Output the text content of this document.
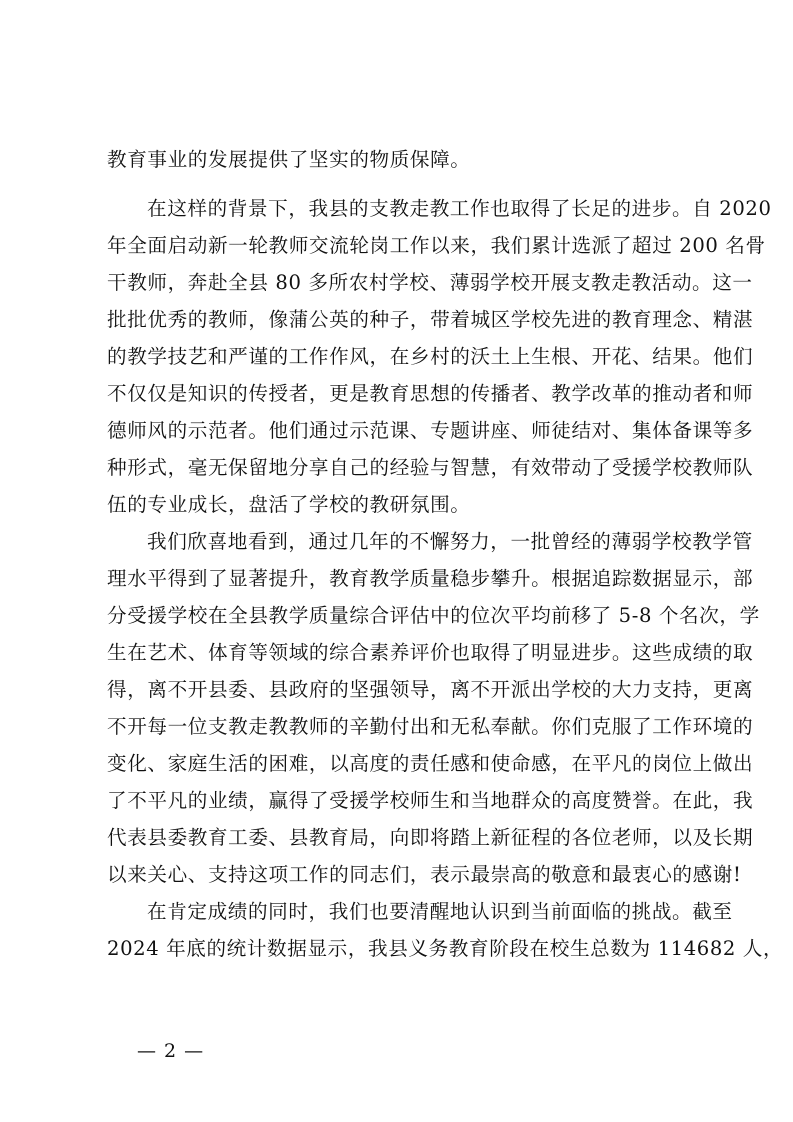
教育事业的发展提供了坚实的物质保障。
在这样的背景下，我县的支教走教工作也取得了长足的进步。自 2020
年全面启动新一轮教师交流轮岗工作以来，我们累计选派了超过 200 名骨
干教师，奔赴全县 80 多所农村学校、薄弱学校开展支教走教活动。这一
批批优秀的教师，像蒲公英的种子，带着城区学校先进的教育理念、精湛
的教学技艺和严谨的工作作风，在乡村的沃土上生根、开花、结果。他们
不仅仅是知识的传授者，更是教育思想的传播者、教学改革的推动者和师
德师风的示范者。他们通过示范课、专题讲座、师徒结对、集体备课等多
种形式，毫无保留地分享自己的经验与智慧，有效带动了受援学校教师队
伍的专业成长，盘活了学校的教研氛围。
我们欣喜地看到，通过几年的不懈努力，一批曾经的薄弱学校教学管
理水平得到了显著提升，教育教学质量稳步攀升。根据追踪数据显示，部
分受援学校在全县教学质量综合评估中的位次平均前移了 5-8 个名次，学
生在艺术、体育等领域的综合素养评价也取得了明显进步。这些成绩的取
得，离不开县委、县政府的坚强领导，离不开派出学校的大力支持，更离
不开每一位支教走教教师的辛勤付出和无私奉献。你们克服了工作环境的
变化、家庭生活的困难，以高度的责任感和使命感，在平凡的岗位上做出
了不平凡的业绩，赢得了受援学校师生和当地群众的高度赞誉。在此，我
代表县委教育工委、县教育局，向即将踏上新征程的各位老师，以及长期
以来关心、支持这项工作的同志们，表示最崇高的敬意和最衷心的感谢!
在肯定成绩的同时，我们也要清醒地认识到当前面临的挑战。截至
2024 年底的统计数据显示，我县义务教育阶段在校生总数为 114682 人，
— 2 —
